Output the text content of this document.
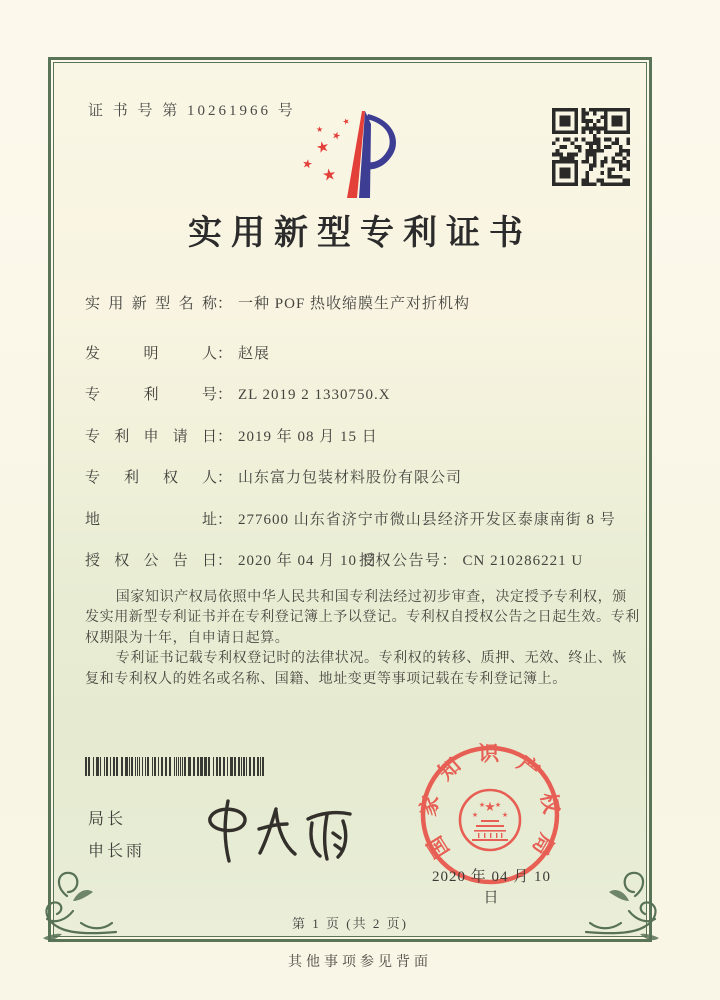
证 书 号 第 10261966 号
★
★
★
★
★
★
实用新型专利证书
实用新型名称： 一种 POF 热收缩膜生产对折机构
发明人： 赵展
专利号： ZL 2019 2 1330750.X
专利申请日： 2019 年 08 月 15 日
专利权人： 山东富力包装材料股份有限公司
地址： 277600 山东省济宁市微山县经济开发区泰康南街 8 号
授权公告日： 2020 年 04 月 10 日
授权公告号： CN 210286221 U

国家知识产权局依照中华人民共和国专利法经过初步审查，决定授予专利权，颁发实用新型专利证书并在专利登记簿上予以登记。专利权自授权公告之日起生效。专利权期限为十年，自申请日起算。

专利证书记载专利权登记时的法律状况。专利权的转移、质押、无效、终止、恢复和专利权人的姓名或名称、国籍、地址变更等事项记载在专利登记簿上。

局长
申长雨	国家知识产权局
★
★
★ ★
★
2020 年 04 月 10 日
第 1 页 (共 2 页)
其他事项参见背面
